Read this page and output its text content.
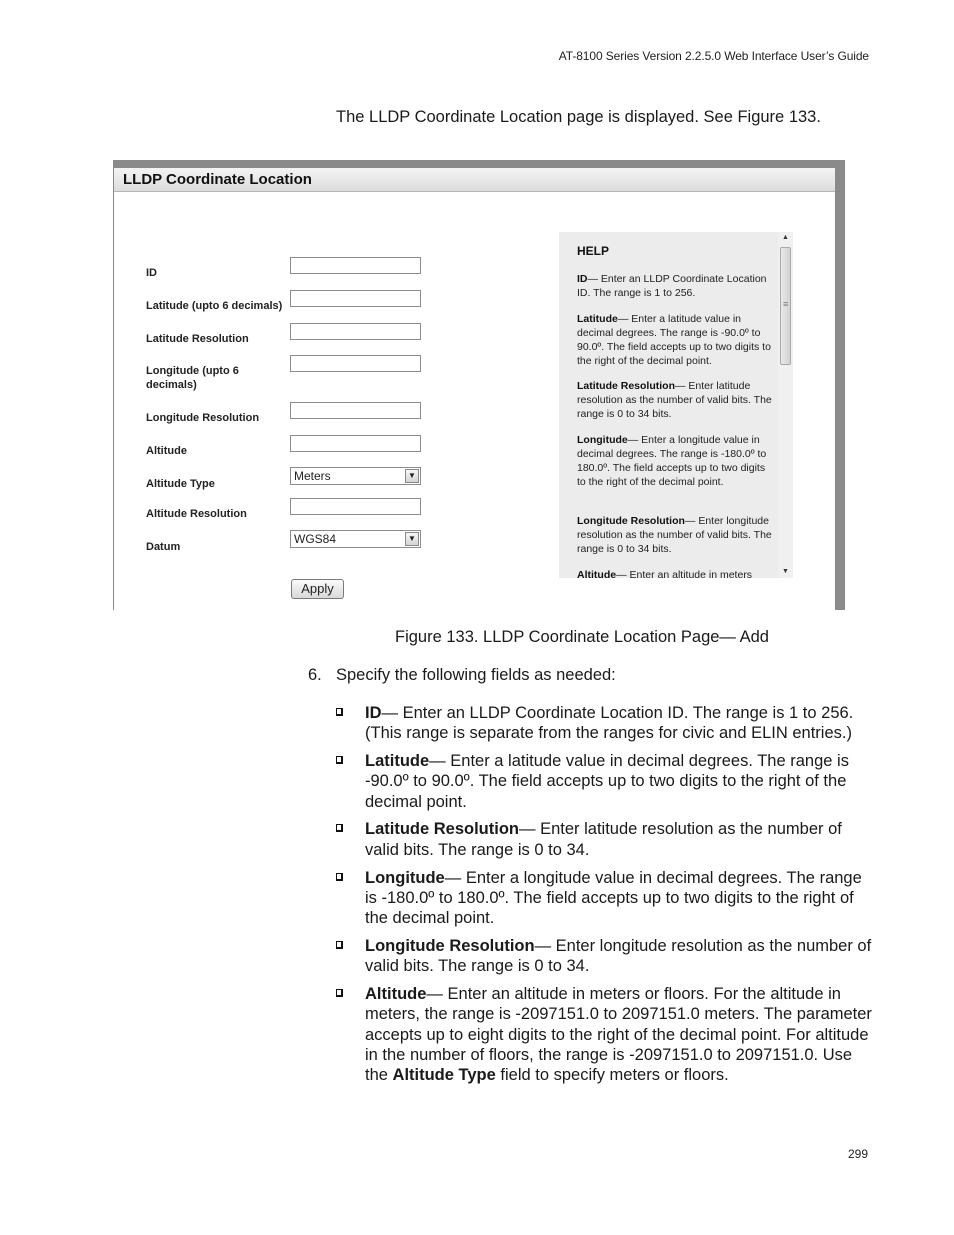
AT-8100 Series Version 2.2.5.0 Web Interface User’s Guide
The LLDP Coordinate Location page is displayed. See Figure 133.
LLDP Coordinate Location
ID
Latitude (upto 6 decimals)
Latitude Resolution
Longitude (upto 6 decimals)
Longitude Resolution
Altitude
Altitude Type
Meters	▼
Altitude Resolution
Datum
WGS84	▼
Apply
HELP
ID— Enter an LLDP Coordinate Location ID. The range is 1 to 256.
Latitude— Enter a latitude value in decimal degrees. The range is -90.0º to 90.0º. The field accepts up to two digits to the right of the decimal point.
Latitude Resolution— Enter latitude resolution as the number of valid bits. The range is 0 to 34 bits.
Longitude— Enter a longitude value in decimal degrees. The range is -180.0º to 180.0º. The field accepts up to two digits to the right of the decimal point.
Longitude Resolution— Enter longitude resolution as the number of valid bits. The range is 0 to 34 bits.
Altitude— Enter an altitude in meters
▲
≡
▼
Figure 133. LLDP Coordinate Location Page— Add
6. Specify the following fields as needed:
ID— Enter an LLDP Coordinate Location ID. The range is 1 to 256. (This range is separate from the ranges for civic and ELIN entries.)
Latitude— Enter a latitude value in decimal degrees. The range is -90.0º to 90.0º. The field accepts up to two digits to the right of the decimal point.
Latitude Resolution— Enter latitude resolution as the number of valid bits. The range is 0 to 34.
Longitude— Enter a longitude value in decimal degrees. The range is -180.0º to 180.0º. The field accepts up to two digits to the right of the decimal point.
Longitude Resolution— Enter longitude resolution as the number of valid bits. The range is 0 to 34.
Altitude— Enter an altitude in meters or floors. For the altitude in meters, the range is -2097151.0 to 2097151.0 meters. The parameter accepts up to eight digits to the right of the decimal point. For altitude in the number of floors, the range is -2097151.0 to 2097151.0. Use the Altitude Type field to specify meters or floors.
299
